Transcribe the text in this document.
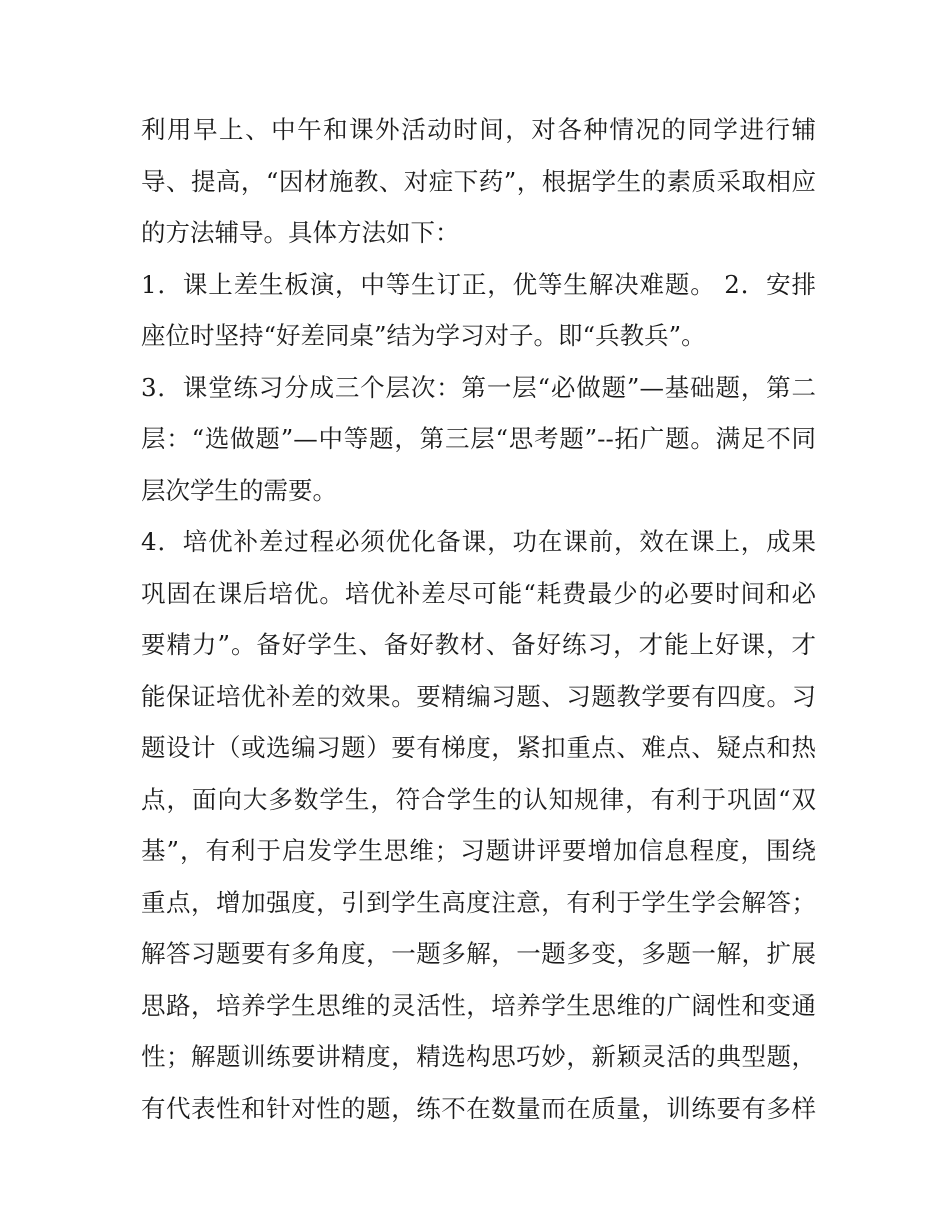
利用早上、中午和课外活动时间，对各种情况的同学进行辅
导、提高，“因材施教、对症下药”，根据学生的素质采取相应
的方法辅导。具体方法如下：
1．课上差生板演，中等生订正，优等生解决难题。 2．安排
座位时坚持“好差同桌”结为学习对子。即“兵教兵”。
3．课堂练习分成三个层次：第一层“必做题”—基础题，第二
层：“选做题”—中等题，第三层“思考题”--拓广题。满足不同
层次学生的需要。
4．培优补差过程必须优化备课，功在课前，效在课上，成果
巩固在课后培优。培优补差尽可能“耗费最少的必要时间和必
要精力”。备好学生、备好教材、备好练习，才能上好课，才
能保证培优补差的效果。要精编习题、习题教学要有四度。习
题设计（或选编习题）要有梯度，紧扣重点、难点、疑点和热
点，面向大多数学生，符合学生的认知规律，有利于巩固“双
基”，有利于启发学生思维；习题讲评要增加信息程度，围绕
重点，增加强度，引到学生高度注意，有利于学生学会解答；
解答习题要有多角度，一题多解，一题多变，多题一解，扩展
思路，培养学生思维的灵活性，培养学生思维的广阔性和变通
性；解题训练要讲精度，精选构思巧妙，新颖灵活的典型题，
有代表性和针对性的题，练不在数量而在质量，训练要有多样
